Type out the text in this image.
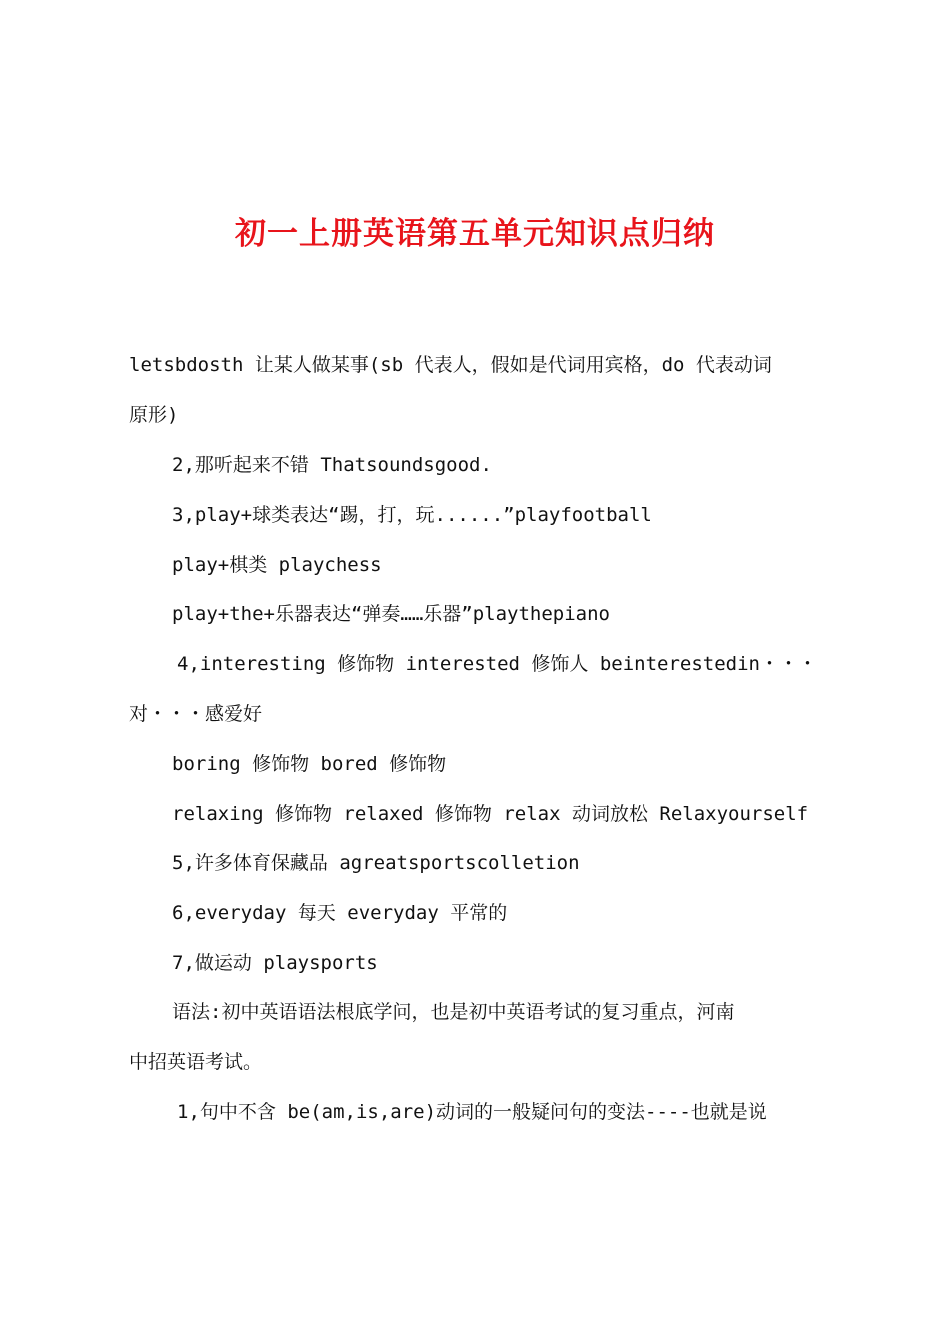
初一上册英语第五单元知识点归纳
letsbdosth 让某人做某事(sb 代表人，假如是代词用宾格，do 代表动词
原形)
2,那听起来不错 Thatsoundsgood.
3,play+球类表达“踢，打，玩......”playfootball
play+棋类 playchess
play+the+乐器表达“弹奏……乐器”playthepiano
4,interesting 修饰物 interested 修饰人 beinterestedin・・・
对・・・感爱好
boring 修饰物 bored 修饰物
relaxing 修饰物 relaxed 修饰物 relax 动词放松 Relaxyourself
5,许多体育保藏品 agreatsportscolletion
6,everyday 每天 everyday 平常的
7,做运动 playsports
语法:初中英语语法根底学问，也是初中英语考试的复习重点，河南
中招英语考试。
1,句中不含 be(am,is,are)动词的一般疑问句的变法----也就是说
